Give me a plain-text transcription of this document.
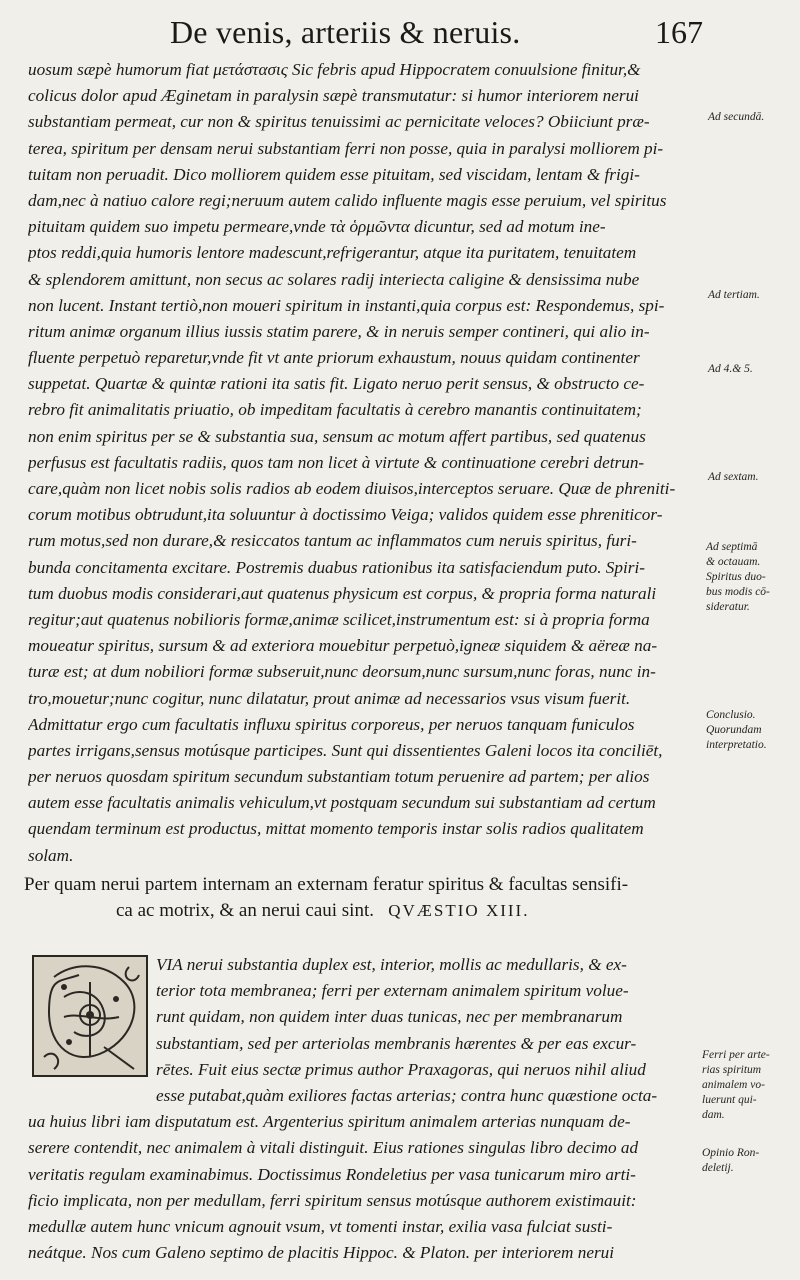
De venis, arteriis & neruis.	167
uosum sæpè humorum fiat μετάστασις Sic febris apud Hippocratem conuulsione finitur,&
colicus dolor apud Æginetam in paralysin sæpè transmutatur: si humor interiorem nerui
substantiam permeat, cur non & spiritus tenuissimi ac pernicitate veloces? Obiiciunt præ-
terea, spiritum per densam nerui substantiam ferri non posse, quia in paralysi molliorem pi-
tuitam non peruadit. Dico molliorem quidem esse pituitam, sed viscidam, lentam & frigi-
dam,nec à natiuo calore regi;neruum autem calido influente magis esse peruium, vel spiritus
pituitam quidem suo impetu permeare,vnde τὰ ὁρμῶντα dicuntur, sed ad motum ine-
ptos reddi,quia humoris lentore madescunt,refrigerantur, atque ita puritatem, tenuitatem
& splendorem amittunt, non secus ac solares radij interiecta caligine & densissima nube
non lucent. Instant tertiò,non moueri spiritum in instanti,quia corpus est: Respondemus, spi-
ritum animæ organum illius iussis statim parere, & in neruis semper contineri, qui alio in-
fluente perpetuò reparetur,vnde fit vt ante priorum exhaustum, nouus quidam continenter
suppetat. Quartæ & quintæ rationi ita satis fit. Ligato neruo perit sensus, & obstructo ce-
rebro fit animalitatis priuatio, ob impeditam facultatis à cerebro manantis continuitatem;
non enim spiritus per se & substantia sua, sensum ac motum affert partibus, sed quatenus
perfusus est facultatis radiis, quos tam non licet à virtute & continuatione cerebri detrun-
care,quàm non licet nobis solis radios ab eodem diuisos,interceptos seruare. Quæ de phreniti-
corum motibus obtrudunt,ita soluuntur à doctissimo Veiga; validos quidem esse phreniticor-
rum motus,sed non durare,& resiccatos tantum ac inflammatos cum neruis spiritus, furi-
bunda concitamenta excitare. Postremis duabus rationibus ita satisfaciendum puto. Spiri-
tum duobus modis considerari,aut quatenus physicum est corpus, & propria forma naturali
regitur;aut quatenus nobilioris formæ,animæ scilicet,instrumentum est: si à propria forma
moueatur spiritus, sursum & ad exteriora mouebitur perpetuò,igneæ siquidem & aëreæ na-
turæ est; at dum nobiliori formæ subseruit,nunc deorsum,nunc sursum,nunc foras, nunc in-
tro,mouetur;nunc cogitur, nunc dilatatur, prout animæ ad necessarios vsus visum fuerit.
Admittatur ergo cum facultatis influxu spiritus corporeus, per neruos tanquam funiculos
partes irrigans,sensus motúsque participes. Sunt qui dissentientes Galeni locos ita conciliēt,
per neruos quosdam spiritum secundum substantiam totum peruenire ad partem; per alios
autem esse facultatis animalis vehiculum,vt postquam secundum sui substantiam ad certum
quendam terminum est productus, mittat momento temporis instar solis radios qualitatem
solam.
Ad secundā.
Ad tertiam.
Ad 4.& 5.
Ad sextam.
Ad septimā
& octauam.
Spiritus duo-
bus modis cō-
sideratur.
Conclusio.
Quorundam
interpretatio.
Ferri per arte-
rias spiritum
animalem vo-
luerunt qui-
dam.
Opinio Ron-
deletij.
Per quam nerui partem internam an externam feratur spiritus & facultas sensifi-
ca ac motrix, & an nerui caui sint. QVÆSTIO XIII.
VIA nerui substantia duplex est, interior, mollis ac medullaris, & ex-
terior tota membranea; ferri per externam animalem spiritum volue-
runt quidam, non quidem inter duas tunicas, nec per membranarum
substantiam, sed per arteriolas membranis hærentes & per eas excur-
rētes. Fuit eius sectæ primus author Praxagoras, qui neruos nihil aliud
esse putabat,quàm exiliores factas arterias; contra hunc quæstione octa-
ua huius libri iam disputatum est. Argenterius spiritum animalem arterias nunquam de-
serere contendit, nec animalem à vitali distinguit. Eius rationes singulas libro decimo ad
veritatis regulam examinabimus. Doctissimus Rondeletius per vasa tunicarum miro arti-
ficio implicata, non per medullam, ferri spiritum sensus motúsque authorem existimauit:
medullæ autem hunc vnicum agnouit vsum, vt tomenti instar, exilia vasa fulciat susti-
neátque. Nos cum Galeno septimo de placitis Hippoc. & Platon. per interiorem nerui
